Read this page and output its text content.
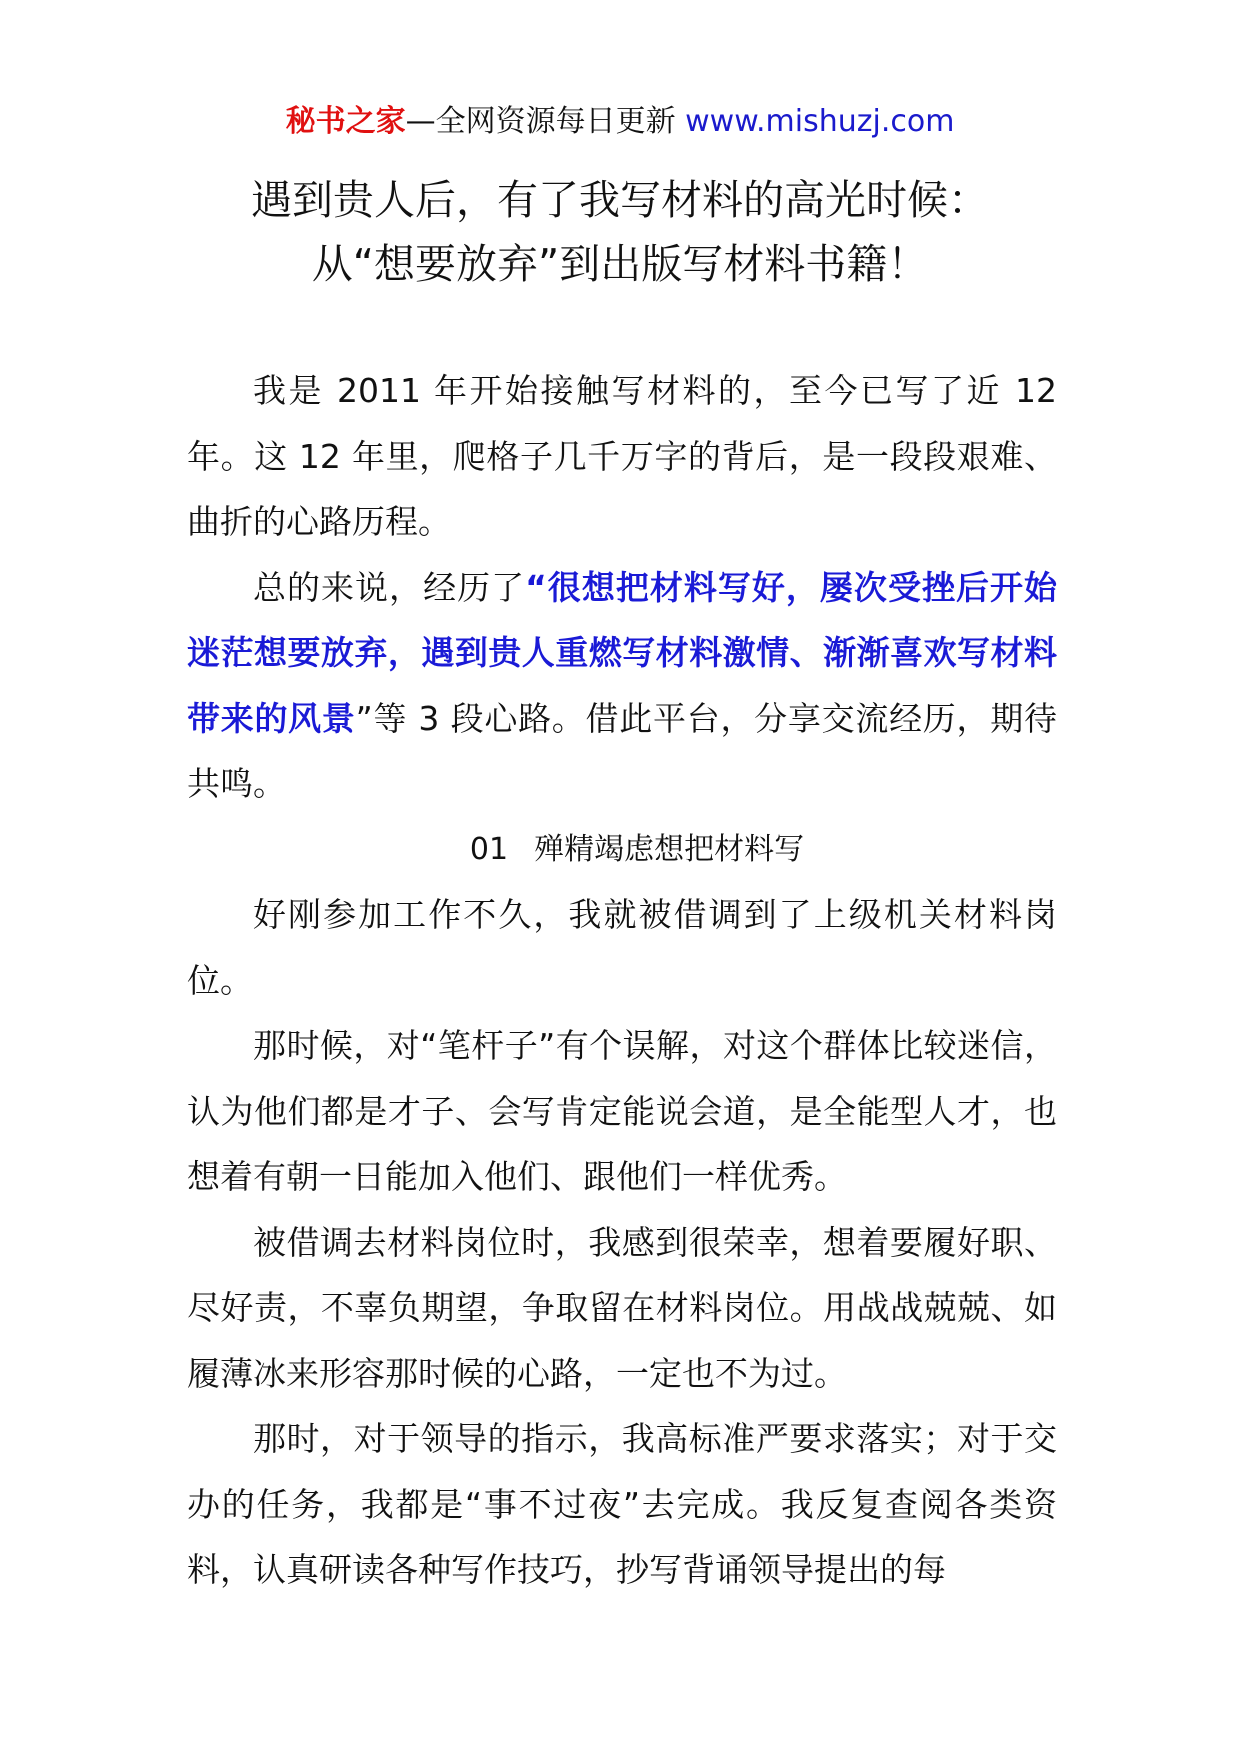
秘书之家—全网资源每日更新 www.mishuzj.com
遇到贵人后，有了我写材料的高光时候：
从“想要放弃”到出版写材料书籍！

我是 2011 年开始接触写材料的，至今已写了近 12 年。这 12 年里，爬格子几千万字的背后，是一段段艰难、曲折的心路历程。

总的来说，经历了“很想把材料写好，屡次受挫后开始迷茫想要放弃，遇到贵人重燃写材料激情、渐渐喜欢写材料带来的风景”等 3 段心路。借此平台，分享交流经历，期待共鸣。

01 殚精竭虑想把材料写

好刚参加工作不久，我就被借调到了上级机关材料岗位。

那时候，对“笔杆子”有个误解，对这个群体比较迷信，认为他们都是才子、会写肯定能说会道，是全能型人才，也想着有朝一日能加入他们、跟他们一样优秀。

被借调去材料岗位时，我感到很荣幸，想着要履好职、尽好责，不辜负期望，争取留在材料岗位。用战战兢兢、如履薄冰来形容那时候的心路，一定也不为过。

那时，对于领导的指示，我高标准严要求落实；对于交办的任务，我都是“事不过夜”去完成。我反复查阅各类资料，认真研读各种写作技巧，抄写背诵领导提出的每
